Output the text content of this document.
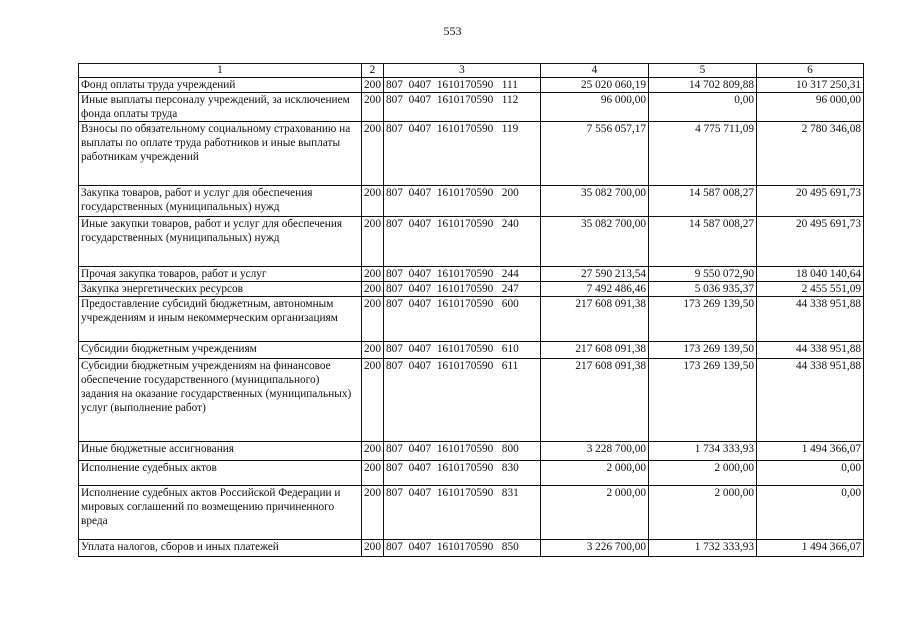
553
1	2	3	4	5	6
Фонд оплаты труда учреждений	200	807  0407  1610170590   111	25 020 060,19	14 702 809,88	10 317 250,31
Иные выплаты персоналу учреждений, за исключением фонда оплаты труда	200	807  0407  1610170590   112	96 000,00	0,00	96 000,00
Взносы по обязательному социальному страхованию на выплаты по оплате труда работников и иные выплаты работникам учреждений	200	807  0407  1610170590   119	7 556 057,17	4 775 711,09	2 780 346,08
Закупка товаров, работ и услуг для обеспечения государственных (муниципальных) нужд	200	807  0407  1610170590   200	35 082 700,00	14 587 008,27	20 495 691,73
Иные закупки товаров, работ и услуг для обеспечения государственных (муниципальных) нужд	200	807  0407  1610170590   240	35 082 700,00	14 587 008,27	20 495 691,73
Прочая закупка товаров, работ и услуг	200	807  0407  1610170590   244	27 590 213,54	9 550 072,90	18 040 140,64
Закупка энергетических ресурсов	200	807  0407  1610170590   247	7 492 486,46	5 036 935,37	2 455 551,09
Предоставление субсидий бюджетным, автономным учреждениям и иным некоммерческим организациям	200	807  0407  1610170590   600	217 608 091,38	173 269 139,50	44 338 951,88
Субсидии бюджетным учреждениям	200	807  0407  1610170590   610	217 608 091,38	173 269 139,50	44 338 951,88
Субсидии бюджетным учреждениям на финансовое обеспечение государственного (муниципального) задания на оказание государственных (муниципальных) услуг (выполнение работ)	200	807  0407  1610170590   611	217 608 091,38	173 269 139,50	44 338 951,88
Иные бюджетные ассигнования	200	807  0407  1610170590   800	3 228 700,00	1 734 333,93	1 494 366,07
Исполнение судебных актов	200	807  0407  1610170590   830	2 000,00	2 000,00	0,00
Исполнение судебных актов Российской Федерации и мировых соглашений по возмещению причиненного вреда	200	807  0407  1610170590   831	2 000,00	2 000,00	0,00
Уплата налогов, сборов и иных платежей	200	807  0407  1610170590   850	3 226 700,00	1 732 333,93	1 494 366,07
